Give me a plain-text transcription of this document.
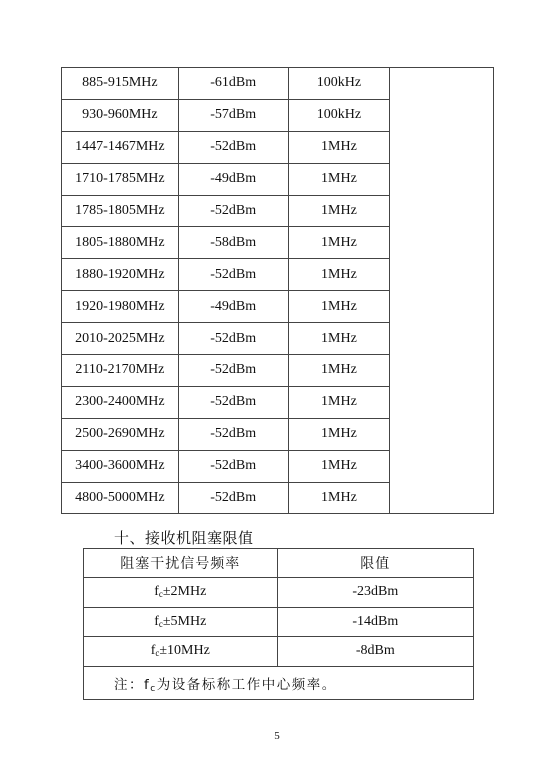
885-915MHz	-61dBm	100kHz	
930-960MHz	-57dBm	100kHz	
1447-1467MHz	-52dBm	1MHz	
1710-1785MHz	-49dBm	1MHz	
1785-1805MHz	-52dBm	1MHz	
1805-1880MHz	-58dBm	1MHz	
1880-1920MHz	-52dBm	1MHz	
1920-1980MHz	-49dBm	1MHz	
2010-2025MHz	-52dBm	1MHz	
2110-2170MHz	-52dBm	1MHz	
2300-2400MHz	-52dBm	1MHz	
2500-2690MHz	-52dBm	1MHz	
3400-3600MHz	-52dBm	1MHz	
4800-5000MHz	-52dBm	1MHz	
十、接收机阻塞限值
阻塞干扰信号频率	限值
$f_c\pm 2MHz$	-23dBm
$f_c\pm 5MHz$	-14dBm
$f_c\pm 10MHz$	-8dBm
注：$f_c$为设备标称工作中心频率。	
5
